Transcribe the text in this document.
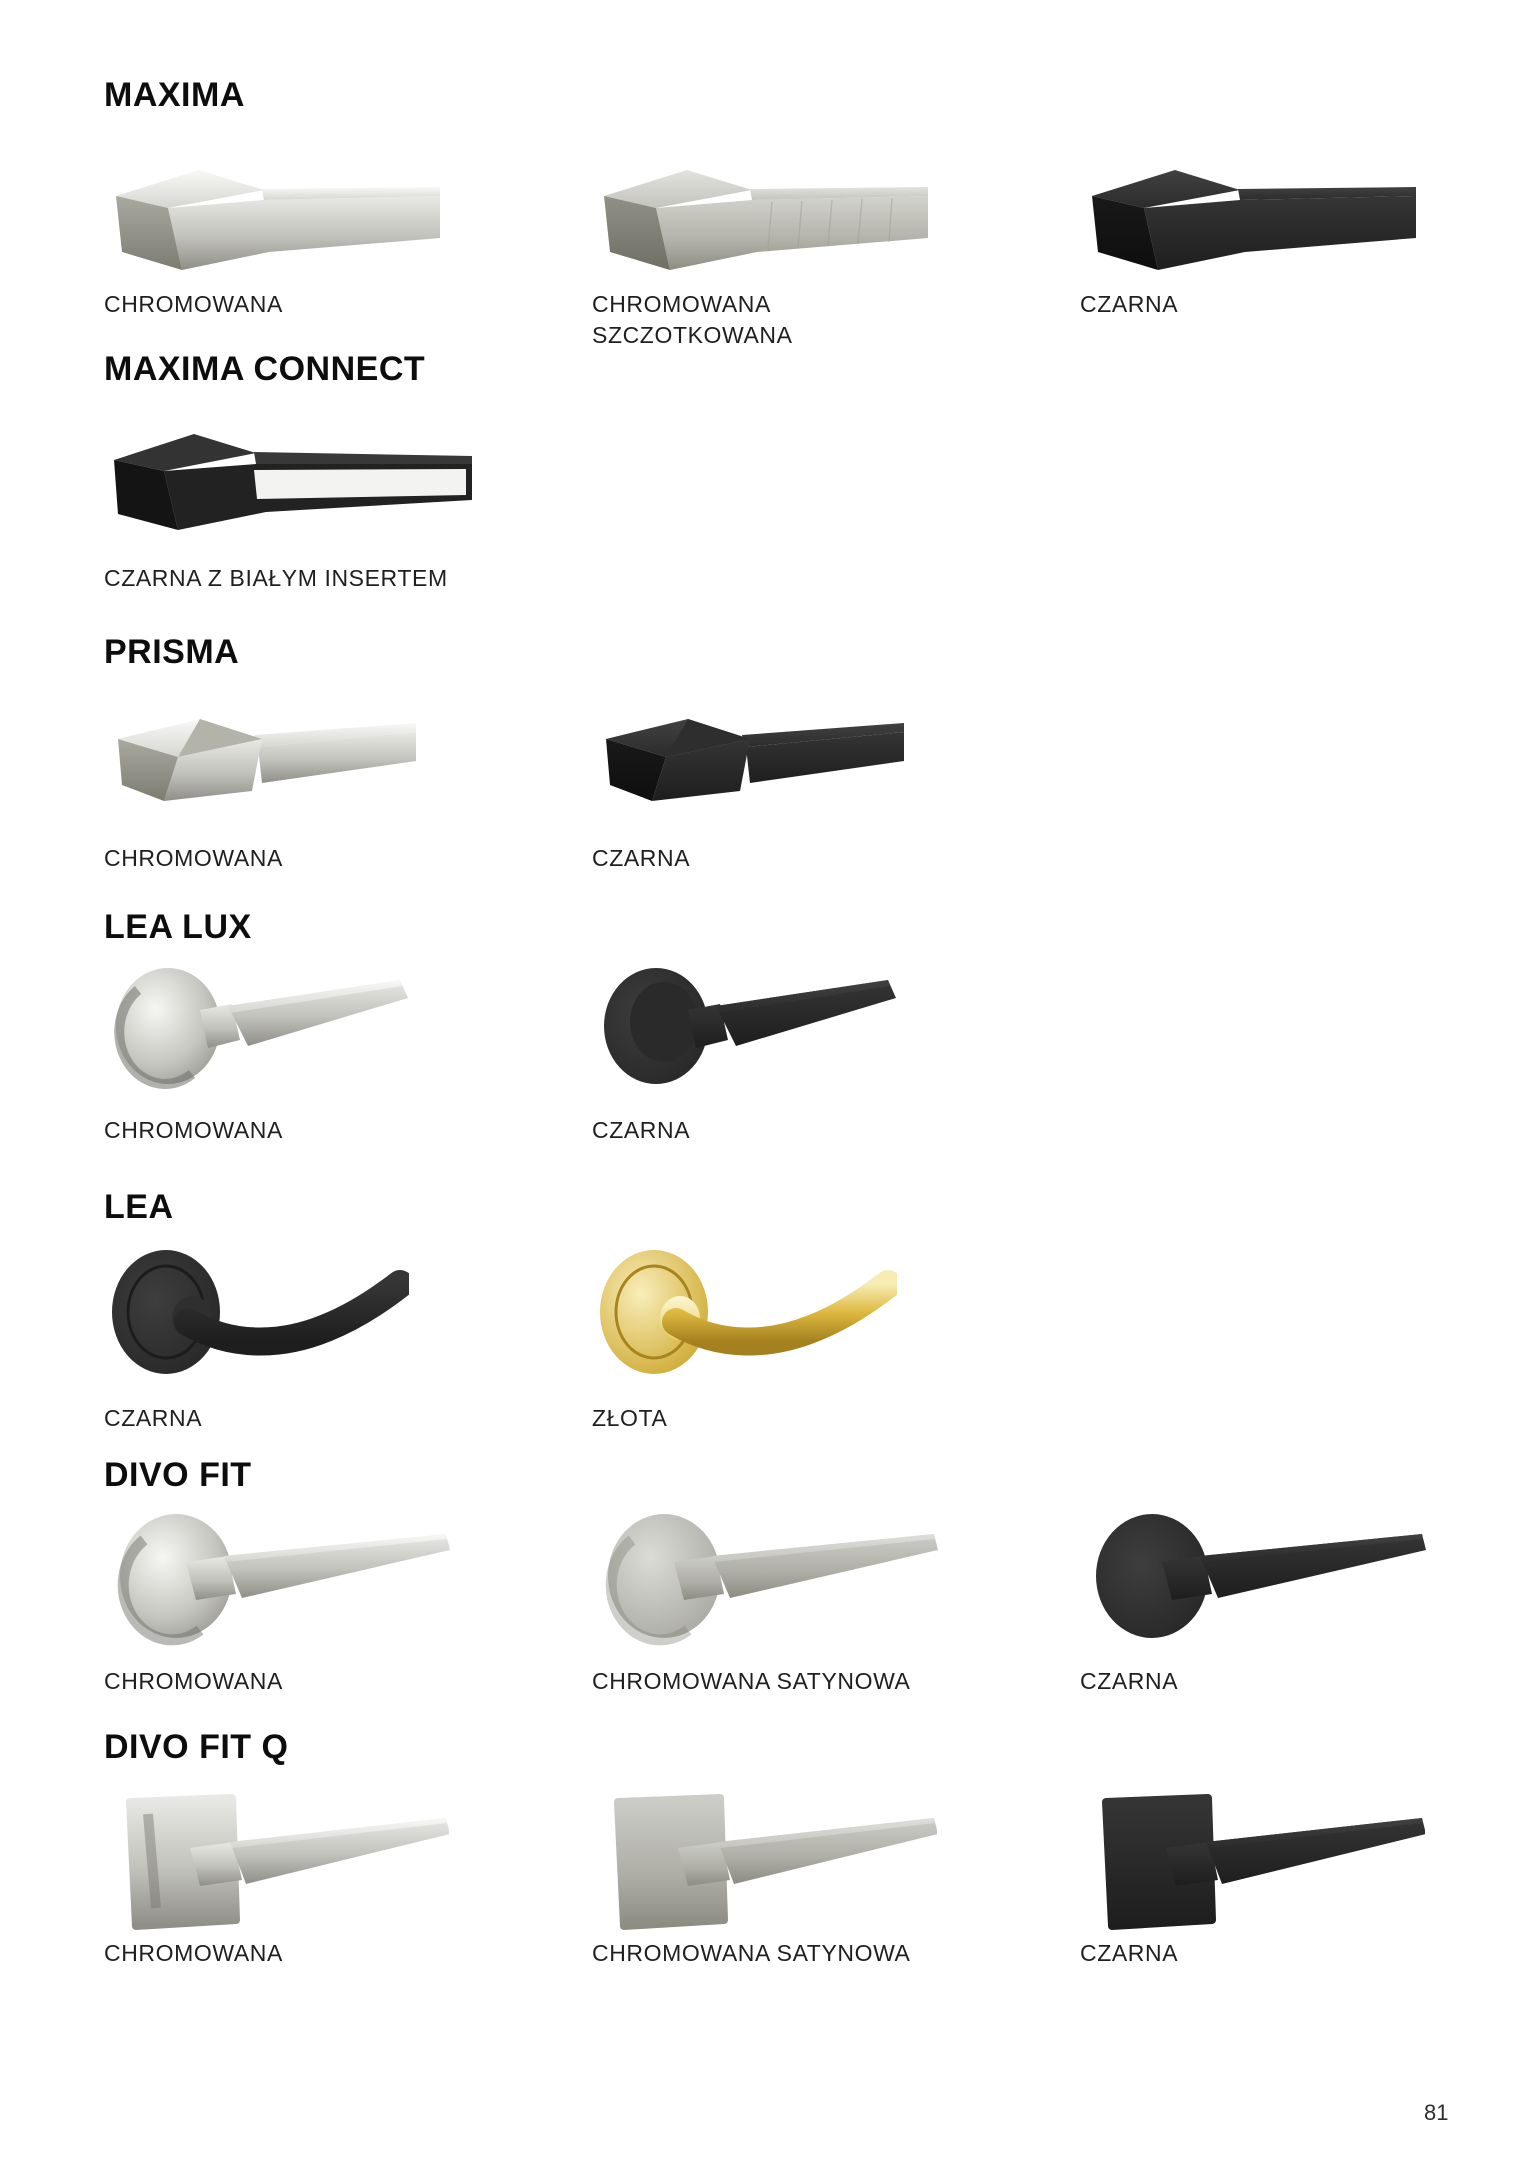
MAXIMA
CHROMOWANA	CHROMOWANA SZCZOTKOWANA
CZARNA
MAXIMA CONNECT
CZARNA Z BIAŁYM INSERTEM
PRISMA
CHROMOWANA	CZARNA
LEA LUX
CHROMOWANA	CZARNA
LEA
CZARNA	ZŁOTA
DIVO FIT
CHROMOWANA	CHROMOWANA SATYNOWA	CZARNA
DIVO FIT Q
CHROMOWANA	CHROMOWANA SATYNOWA	CZARNA
81
